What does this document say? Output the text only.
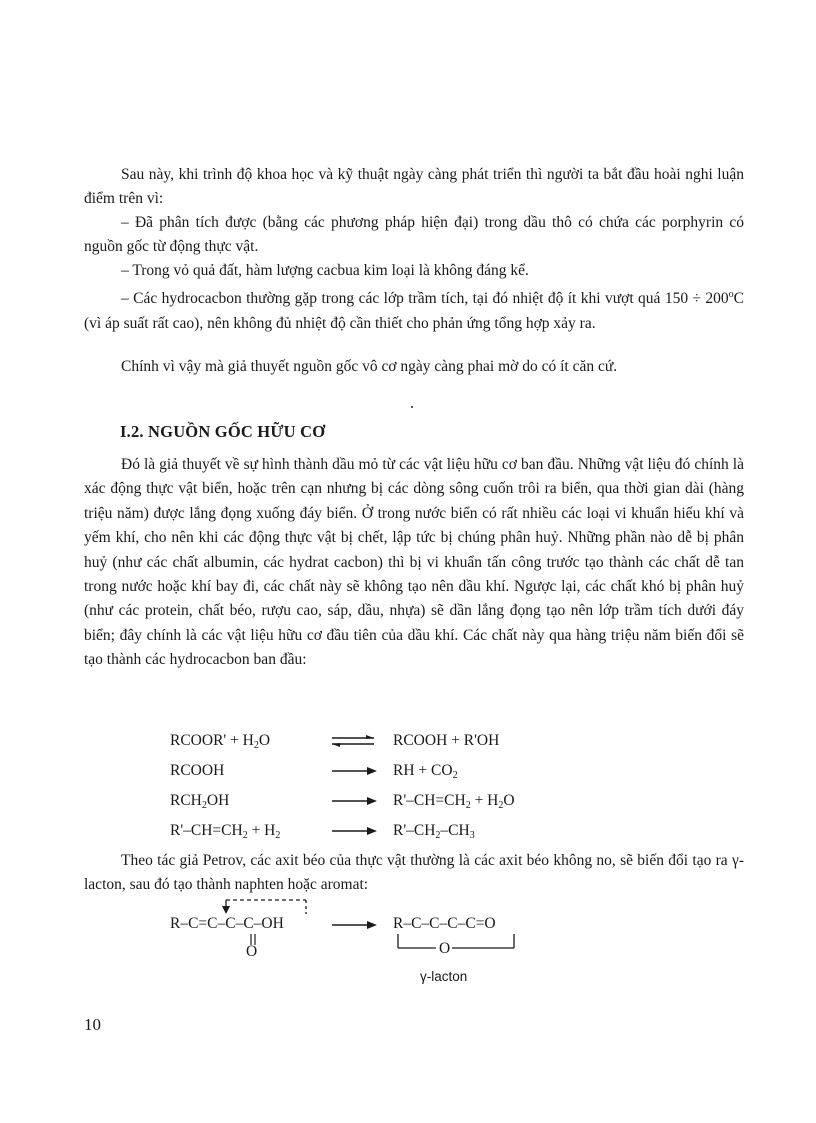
Sau này, khi trình độ khoa học và kỹ thuật ngày càng phát triển thì người ta bắt đầu hoài nghi luận điểm trên vì:

– Đã phân tích được (bằng các phương pháp hiện đại) trong dầu thô có chứa các porphyrin có nguồn gốc từ động thực vật.

– Trong vỏ quả đất, hàm lượng cacbua kim loại là không đáng kể.

– Các hydrocacbon thường gặp trong các lớp trầm tích, tại đó nhiệt độ ít khi vượt quá $150 \div 200^oC$ (vì áp suất rất cao), nên không đủ nhiệt độ cần thiết cho phản ứng tổng hợp xảy ra.

Chính vì vậy mà giả thuyết nguồn gốc vô cơ ngày càng phai mờ do có ít căn cứ.

I.2. NGUỒN GỐC HỮU CƠ

Đó là giả thuyết về sự hình thành dầu mỏ từ các vật liệu hữu cơ ban đầu. Những vật liệu đó chính là xác động thực vật biển, hoặc trên cạn nhưng bị các dòng sông cuốn trôi ra biển, qua thời gian dài (hàng triệu năm) được lắng đọng xuống đáy biển. Ở trong nước biển có rất nhiều các loại vi khuẩn hiếu khí và yếm khí, cho nên khi các động thực vật bị chết, lập tức bị chúng phân huỷ. Những phần nào dễ bị phân huỷ (như các chất albumin, các hydrat cacbon) thì bị vi khuẩn tấn công trước tạo thành các chất dễ tan trong nước hoặc khí bay đi, các chất này sẽ không tạo nên dầu khí. Ngược lại, các chất khó bị phân huỷ (như các protein, chất béo, rượu cao, sáp, dầu, nhựa) sẽ dần lắng đọng tạo nên lớp trầm tích dưới đáy biển; đây chính là các vật liệu hữu cơ đầu tiên của dầu khí. Các chất này qua hàng triệu năm biến đổi sẽ tạo thành các hydrocacbon ban đầu:

RCOOR' + $H_2O$	⇌ RCOOH + R'OH
RCOOH	RH + $CO_2$
$RCH_2OH$	$R'-CH=CH_2 + H_2O$
$R'-CH=CH_2 + H_2$	$R'-CH_2-CH_3$

Theo tác giả Petrov, các axit béo của thực vật thường là các axit béo không no, sẽ biến đổi tạo ra γ-lacton, sau đó tạo thành naphten hoặc aromat:

R–C=C–C–C–OH
O
R–C–C–C–C=O
O
γ-lacton
10
